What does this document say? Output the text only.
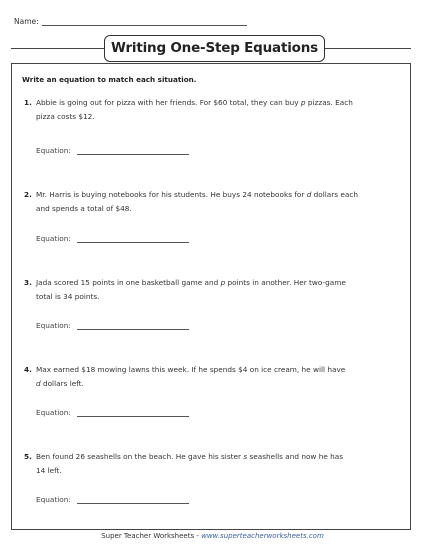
Name:
Writing One-Step Equations
Write an equation to match each situation.
1. Abbie is going out for pizza with her friends. For $60 total, they can buy p pizzas. Each
pizza costs $12.
Equation:
2. Mr. Harris is buying notebooks for his students. He buys 24 notebooks for d dollars each
and spends a total of $48.
Equation:
3. Jada scored 15 points in one basketball game and p points in another. Her two-game
total is 34 points.
Equation:
4. Max earned $18 mowing lawns this week. If he spends $4 on ice cream, he will have
d dollars left.
Equation:
5. Ben found 26 seashells on the beach. He gave his sister s seashells and now he has
14 left.
Equation:
Super Teacher Worksheets - www.superteacherworksheets.com
